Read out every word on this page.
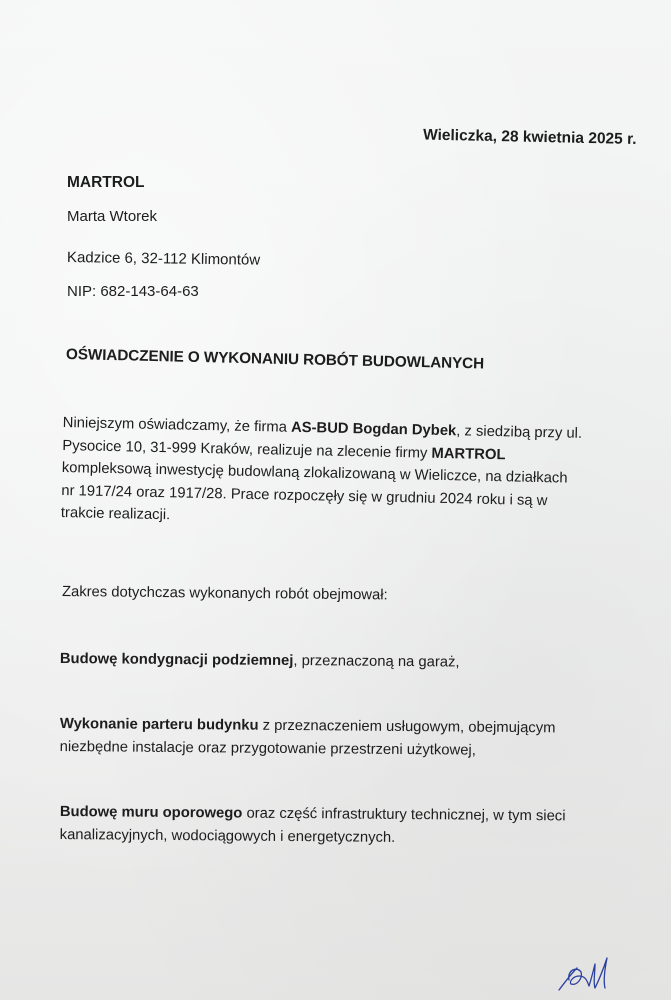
Wieliczka, 28 kwietnia 2025 r.
MARTROL
Marta Wtorek
Kadzice 6, 32-112 Klimontów
NIP: 682-143-64-63
OŚWIADCZENIE O WYKONANIU ROBÓT BUDOWLANYCH
Niniejszym oświadczamy, że firma AS-BUD Bogdan Dybek, z siedzibą przy ul.
Pysocice 10, 31-999 Kraków, realizuje na zlecenie firmy MARTROL
kompleksową inwestycję budowlaną zlokalizowaną w Wieliczce, na działkach
nr 1917/24 oraz 1917/28. Prace rozpoczęły się w grudniu 2024 roku i są w
trakcie realizacji.
Zakres dotychczas wykonanych robót obejmował:
Budowę kondygnacji podziemnej, przeznaczoną na garaż,
Wykonanie parteru budynku z przeznaczeniem usługowym, obejmującym
niezbędne instalacje oraz przygotowanie przestrzeni użytkowej,
Budowę muru oporowego oraz część infrastruktury technicznej, w tym sieci
kanalizacyjnych, wodociągowych i energetycznych.
